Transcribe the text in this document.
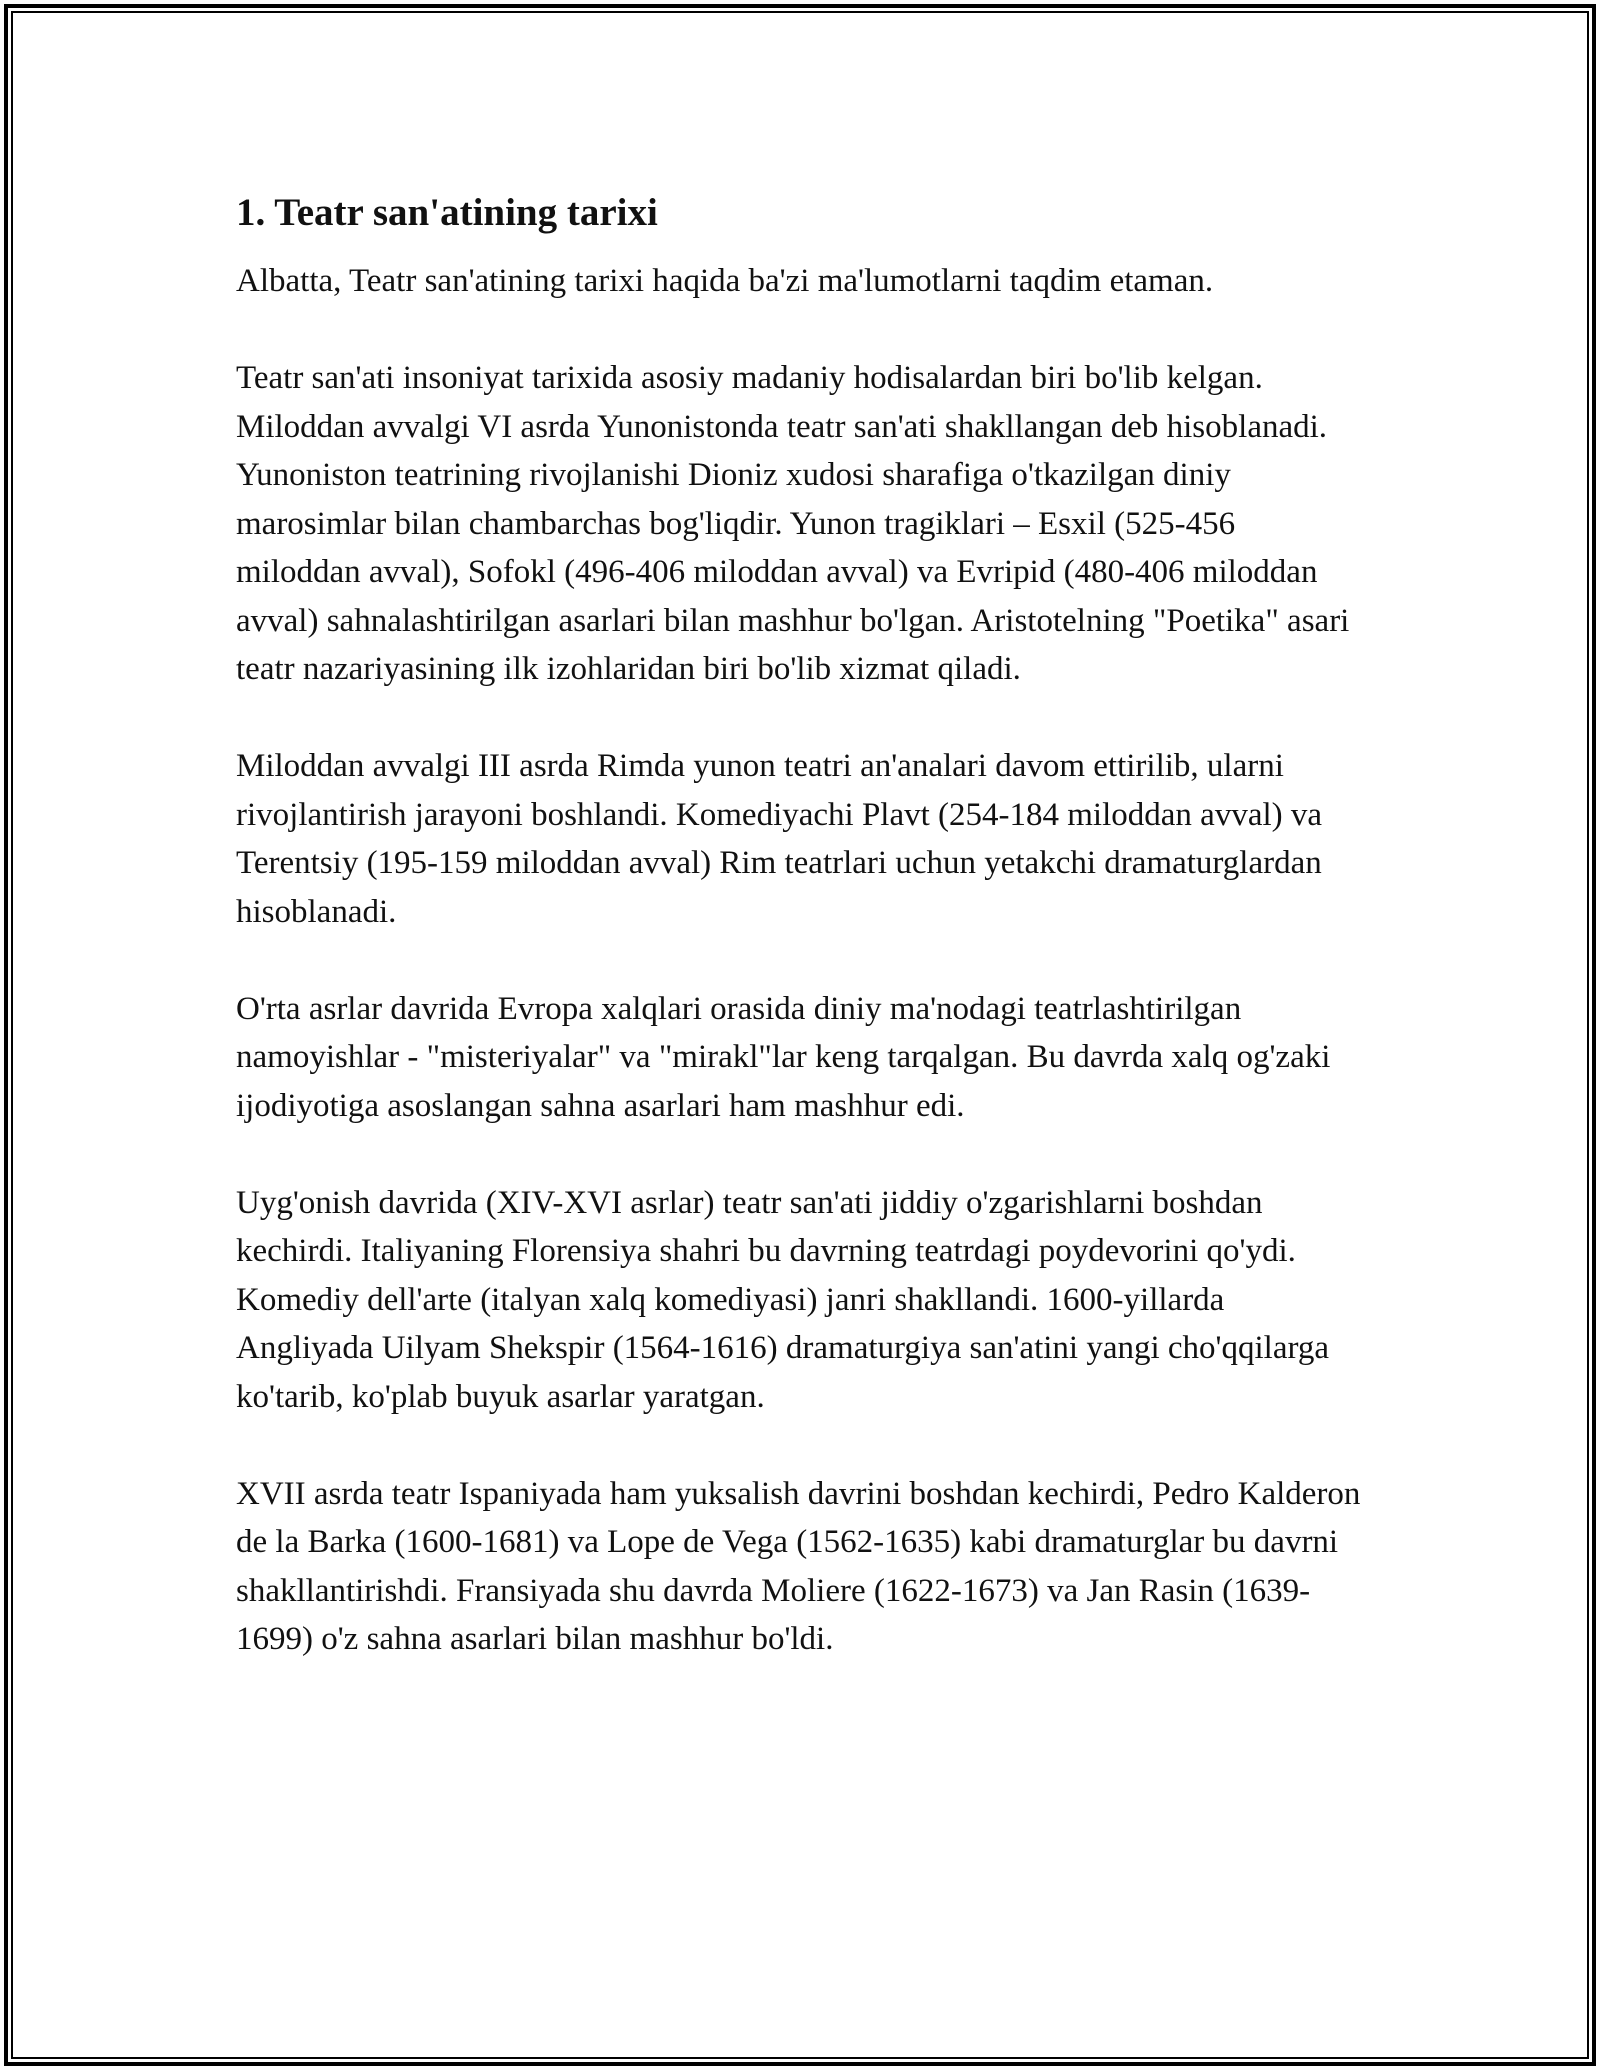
1. Teatr san'atining tarixi

Albatta, Teatr san'atining tarixi haqida ba'zi ma'lumotlarni taqdim etaman.

Teatr san'ati insoniyat tarixida asosiy madaniy hodisalardan biri bo'lib kelgan. Miloddan avvalgi VI asrda Yunonistonda teatr san'ati shakllangan deb hisoblanadi. Yunoniston teatrining rivojlanishi Dioniz xudosi sharafiga o'tkazilgan diniy marosimlar bilan chambarchas bog'liqdir. Yunon tragiklari – Esxil (525-456 miloddan avval), Sofokl (496-406 miloddan avval) va Evripid (480-406 miloddan avval) sahnalashtirilgan asarlari bilan mashhur bo'lgan. Aristotelning "Poetika" asari teatr nazariyasining ilk izohlaridan biri bo'lib xizmat qiladi.

Miloddan avvalgi III asrda Rimda yunon teatri an'analari davom ettirilib, ularni rivojlantirish jarayoni boshlandi. Komediyachi Plavt (254-184 miloddan avval) va Terentsiy (195-159 miloddan avval) Rim teatrlari uchun yetakchi dramaturglardan hisoblanadi.

O'rta asrlar davrida Evropa xalqlari orasida diniy ma'nodagi teatrlashtirilgan namoyishlar - "misteriyalar" va "mirakl"lar keng tarqalgan. Bu davrda xalq og'zaki ijodiyotiga asoslangan sahna asarlari ham mashhur edi.

Uyg'onish davrida (XIV-XVI asrlar) teatr san'ati jiddiy o'zgarishlarni boshdan kechirdi. Italiyaning Florensiya shahri bu davrning teatrdagi poydevorini qo'ydi. Komediy dell'arte (italyan xalq komediyasi) janri shakllandi. 1600-yillarda Angliyada Uilyam Shekspir (1564-1616) dramaturgiya san'atini yangi cho'qqilarga ko'tarib, ko'plab buyuk asarlar yaratgan.

XVII asrda teatr Ispaniyada ham yuksalish davrini boshdan kechirdi, Pedro Kalderon de la Barka (1600-1681) va Lope de Vega (1562-1635) kabi dramaturglar bu davrni shakllantirishdi. Fransiyada shu davrda Moliere (1622-1673) va Jan Rasin (1639-1699) o'z sahna asarlari bilan mashhur bo'ldi.
